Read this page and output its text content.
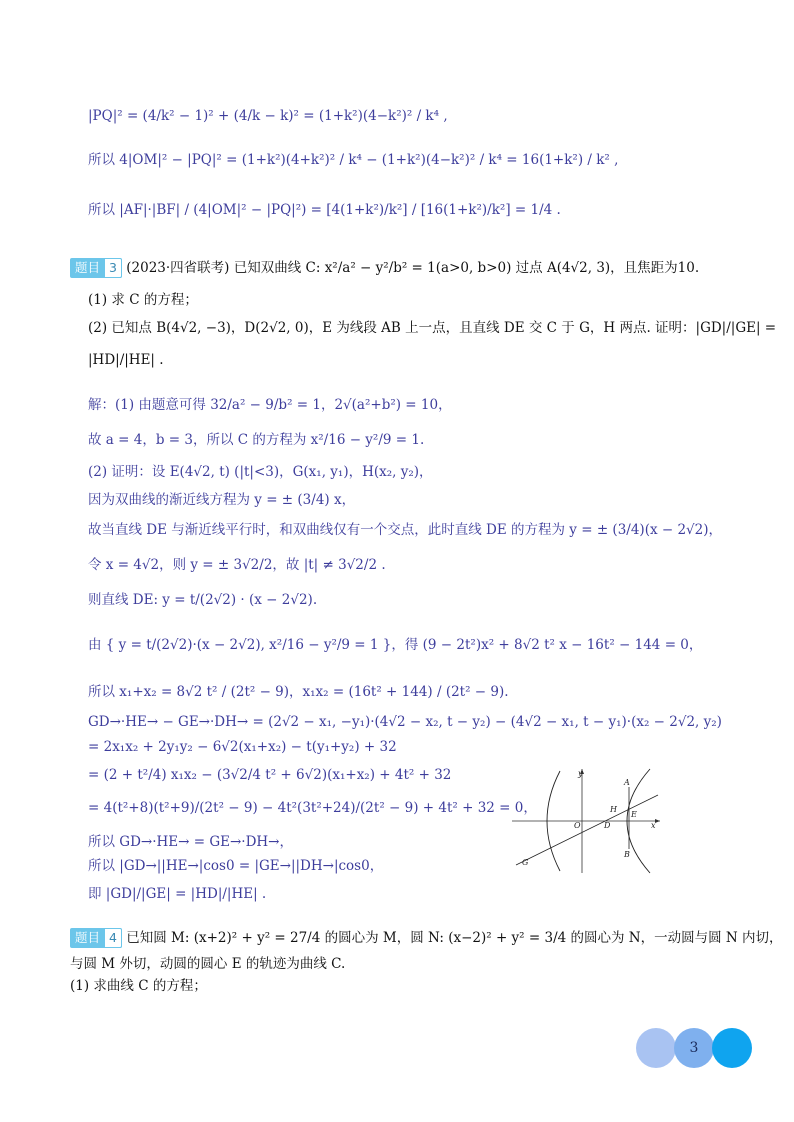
|PQ|² = (4/k² − 1)² + (4/k − k)² = (1+k²)(4−k²)² / k⁴ ,
所以 4|OM|² − |PQ|² = (1+k²)(4+k²)² / k⁴ − (1+k²)(4−k²)² / k⁴ = 16(1+k²) / k² ,
所以 |AF|·|BF| / (4|OM|² − |PQ|²) = [4(1+k²)/k²] / [16(1+k²)/k²] = 1/4 .
题目 3 (2023·四省联考) 已知双曲线 C: x²/a² − y²/b² = 1(a>0, b>0) 过点 A(4√2, 3)，且焦距为10.
(1) 求 C 的方程；
(2) 已知点 B(4√2, −3)，D(2√2, 0)，E 为线段 AB 上一点，且直线 DE 交 C 于 G，H 两点. 证明：|GD|/|GE| =
|HD|/|HE| .
解：(1) 由题意可得 32/a² − 9/b² = 1，2√(a²+b²) = 10，
故 a = 4，b = 3，所以 C 的方程为 x²/16 − y²/9 = 1.
(2) 证明：设 E(4√2, t) (|t|<3)，G(x₁, y₁)，H(x₂, y₂)，
因为双曲线的渐近线方程为 y = ± (3/4) x，
故当直线 DE 与渐近线平行时，和双曲线仅有一个交点，此时直线 DE 的方程为 y = ± (3/4)(x − 2√2)，
令 x = 4√2，则 y = ± 3√2/2，故 |t| ≠ 3√2/2 .
则直线 DE: y = t/(2√2) · (x − 2√2).
由 { y = t/(2√2)·(x − 2√2), x²/16 − y²/9 = 1 }，得 (9 − 2t²)x² + 8√2 t² x − 16t² − 144 = 0，
所以 x₁+x₂ = 8√2 t² / (2t² − 9)，x₁x₂ = (16t² + 144) / (2t² − 9).
GD→·HE→ − GE→·DH→ = (2√2 − x₁, −y₁)·(4√2 − x₂, t − y₂) − (4√2 − x₁, t − y₁)·(x₂ − 2√2, y₂)
= 2x₁x₂ + 2y₁y₂ − 6√2(x₁+x₂) − t(y₁+y₂) + 32
= (2 + t²/4) x₁x₂ − (3√2/4 t² + 6√2)(x₁+x₂) + 4t² + 32
= 4(t²+8)(t²+9)/(2t² − 9) − 4t²(3t²+24)/(2t² − 9) + 4t² + 32 = 0，
所以 GD→·HE→ = GE→·DH→，
所以 |GD→||HE→|cos0 = |GE→||DH→|cos0，
即 |GD|/|GE| = |HD|/|HE| .
y
x
O
A
B
D
E
H
G
题目 4 已知圆 M: (x+2)² + y² = 27/4 的圆心为 M，圆 N: (x−2)² + y² = 3/4 的圆心为 N，一动圆与圆 N 内切，
与圆 M 外切，动圆的圆心 E 的轨迹为曲线 C.
(1) 求曲线 C 的方程；
3
